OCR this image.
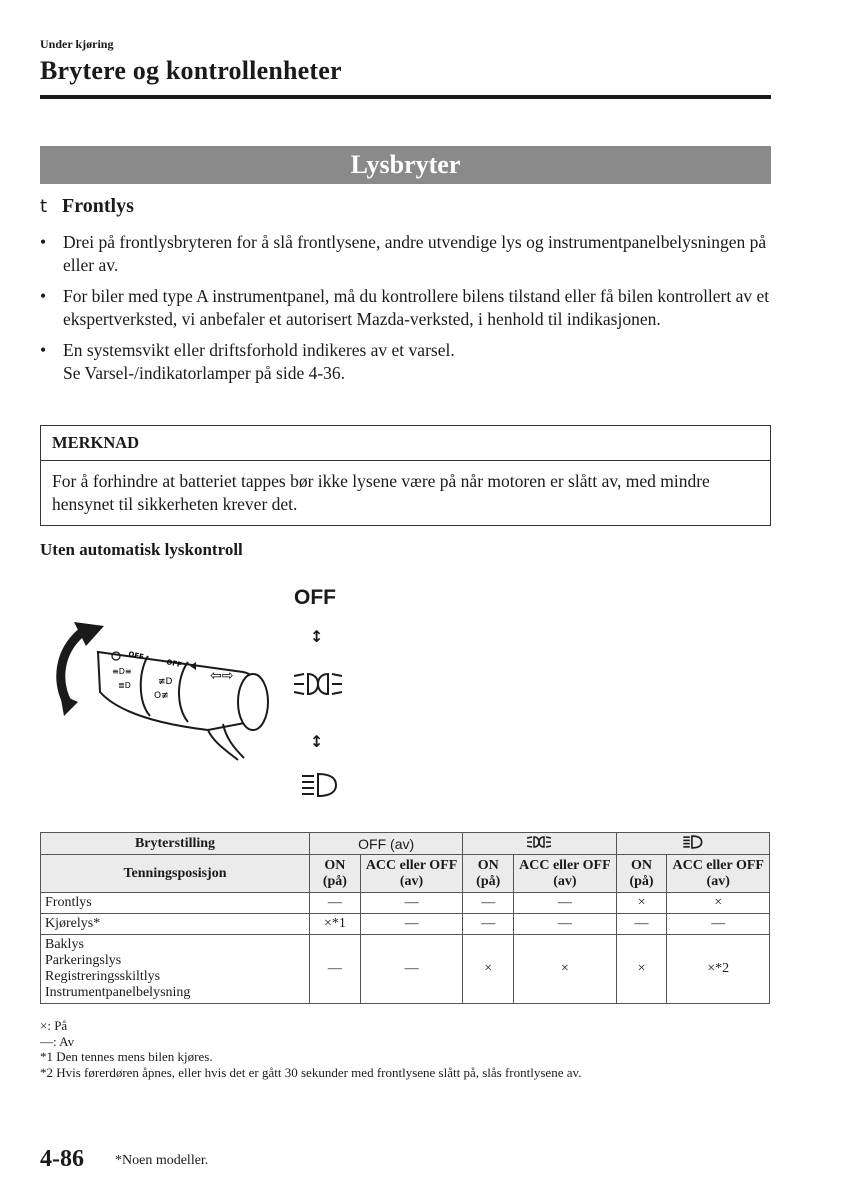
Under kjøring
Brytere og kontrollenheter
Lysbryter
t Frontlys
• Drei på frontlysbryteren for å slå frontlysene, andre utvendige lys og instrumentpanelbelysningen på eller av.
• For biler med type A instrumentpanel, må du kontrollere bilens tilstand eller få bilen kontrollert av et ekspertverksted, vi anbefaler et autorisert Mazda-verksted, i henhold til indikasjonen.
• En systemsvikt eller driftsforhold indikeres av et varsel.
Se Varsel-/indikatorlamper på side 4-36.
MERKNAD
For å forhindre at batteriet tappes bør ikke lysene være på når motoren er slått av, med mindre hensynet til sikkerheten krever det.
Uten automatisk lyskontroll
OFF
OFF
≡D≡
≣D	≢D
O≢
⇦⇨
OFF
↕
↕
Bryterstilling	OFF (av)		
Tenningsposisjon	ON (på)	ACC eller OFF (av)	ON (på)	ACC eller OFF (av)	ON (på)	ACC eller OFF (av)
Frontlys	—	—	—	—	×	×
Kjørelys*	×*1	—	—	—	—	—
Baklys
Parkeringslys
Registreringsskiltlys
Instrumentpanelbelysning	—	—	×	×	×	×*2
×: På
—: Av
*1 Den tennes mens bilen kjøres.
*2 Hvis førerdøren åpnes, eller hvis det er gått 30 sekunder med frontlysene slått på, slås frontlysene av.
4-86 *Noen modeller.
